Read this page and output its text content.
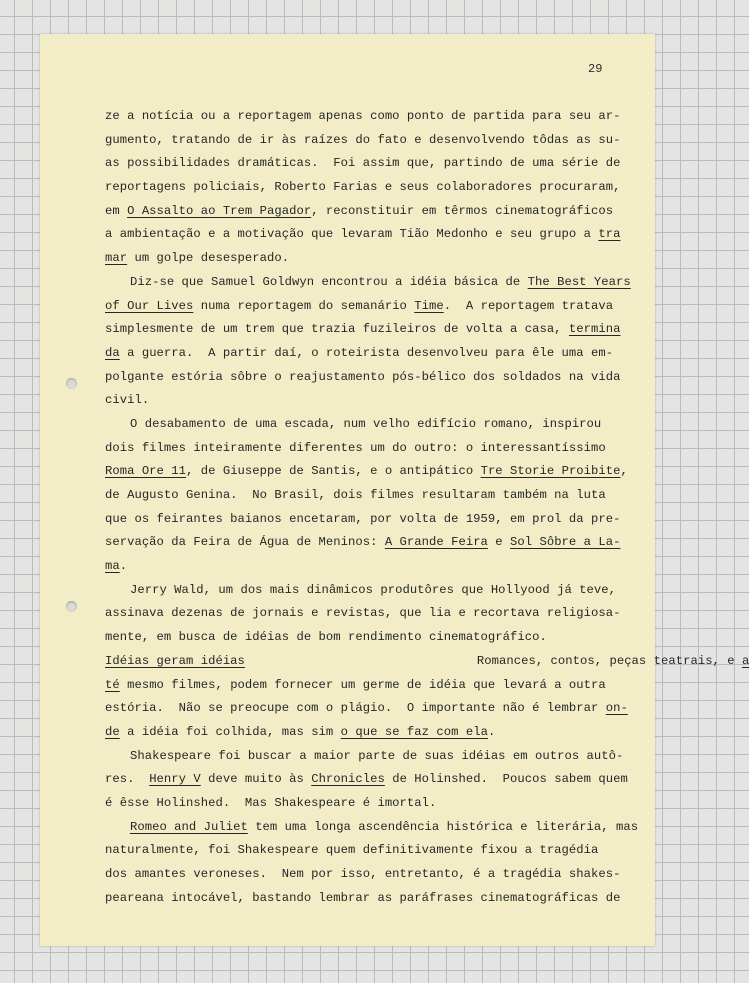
29
ze a notícia ou a reportagem apenas como ponto de partida para seu ar-
gumento, tratando de ir às raízes do fato e desenvolvendo tôdas as su-
as possibilidades dramáticas.  Foi assim que, partindo de uma série de
reportagens policiais, Roberto Farias e seus colaboradores procuraram,
em O Assalto ao Trem Pagador, reconstituir em têrmos cinematográficos
a ambientação e a motivação que levaram Tião Medonho e seu grupo a tra
mar um golpe desesperado.
Diz-se que Samuel Goldwyn encontrou a idéia básica de The Best Years
of Our Lives numa reportagem do semanário Time.  A reportagem tratava
simplesmente de um trem que trazia fuzileiros de volta a casa, termina
da a guerra.  A partir daí, o roteirista desenvolveu para êle uma em-
polgante estória sôbre o reajustamento pós-bélico dos soldados na vida
civil.
O desabamento de uma escada, num velho edifício romano, inspirou
dois filmes inteiramente diferentes um do outro: o interessantíssimo
Roma Ore 11, de Giuseppe de Santis, e o antipático Tre Storie Proibite,
de Augusto Genina.  No Brasil, dois filmes resultaram também na luta
que os feirantes baianos encetaram, por volta de 1959, em prol da pre-
servação da Feira de Água de Meninos: A Grande Feira e Sol Sôbre a La-
ma.
Jerry Wald, um dos mais dinâmicos produtôres que Hollyood já teve,
assinava dezenas de jornais e revistas, que lia e recortava religiosa-
mente, em busca de idéias de bom rendimento cinematográfico.
Idéias geram idéias	Romances, contos, peças teatrais, e a
té mesmo filmes, podem fornecer um germe de idéia que levará a outra
estória.  Não se preocupe com o plágio.  O importante não é lembrar on-
de a idéia foi colhida, mas sim o que se faz com ela.
Shakespeare foi buscar a maior parte de suas idéias em outros autô-
res.  Henry V deve muito às Chronicles de Holinshed.  Poucos sabem quem
é êsse Holinshed.  Mas Shakespeare é imortal.
Romeo and Juliet tem uma longa ascendência histórica e literária, mas
naturalmente, foi Shakespeare quem definitivamente fixou a tragédia
dos amantes veroneses.  Nem por isso, entretanto, é a tragédia shakes-
peareana intocável, bastando lembrar as paráfrases cinematográficas de
